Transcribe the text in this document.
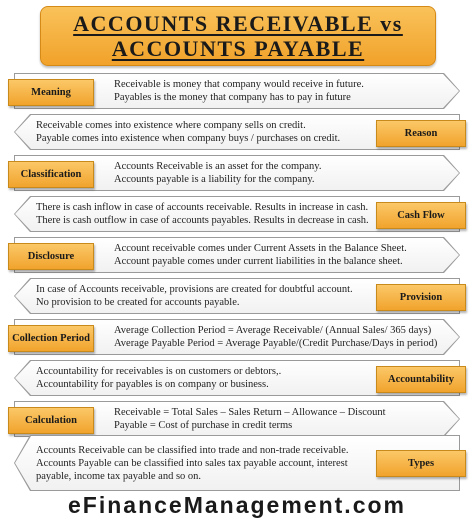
ACCOUNTS RECEIVABLE vs
ACCOUNTS PAYABLE
Meaning
Receivable is money that company would receive in future.
Payables is the money that company has to pay in future
Reason
Receivable comes into existence where company sells on credit.
Payable comes into existence when company buys / purchases on credit.
Classification
Accounts Receivable is an asset for the company.
Accounts payable is a liability for the company.
Cash Flow
There is cash inflow in case of accounts receivable. Results in increase in cash.
There is cash outflow in case of accounts payables. Results in decrease in cash.
Disclosure
Account receivable comes under Current Assets in the Balance Sheet.
Account payable comes under current liabilities in the balance sheet.
Provision
In case of Accounts receivable, provisions are created for doubtful account.
No provision to be created for accounts payable.
Collection Period
Average Collection Period = Average Receivable/ (Annual Sales/ 365 days)
Average Payable Period = Average Payable/(Credit Purchase/Days in period)
Accountability
Accountability for receivables is on customers or debtors,.
Accountability for payables is on company or business.
Calculation
Receivable = Total Sales – Sales Return – Allowance – Discount
Payable = Cost of purchase in credit terms
Types
Accounts Receivable can be classified into trade and non-trade receivable.
Accounts Payable can be classified into sales tax payable account, interest
payable, income tax payable and so on.
eFinanceManagement.com
